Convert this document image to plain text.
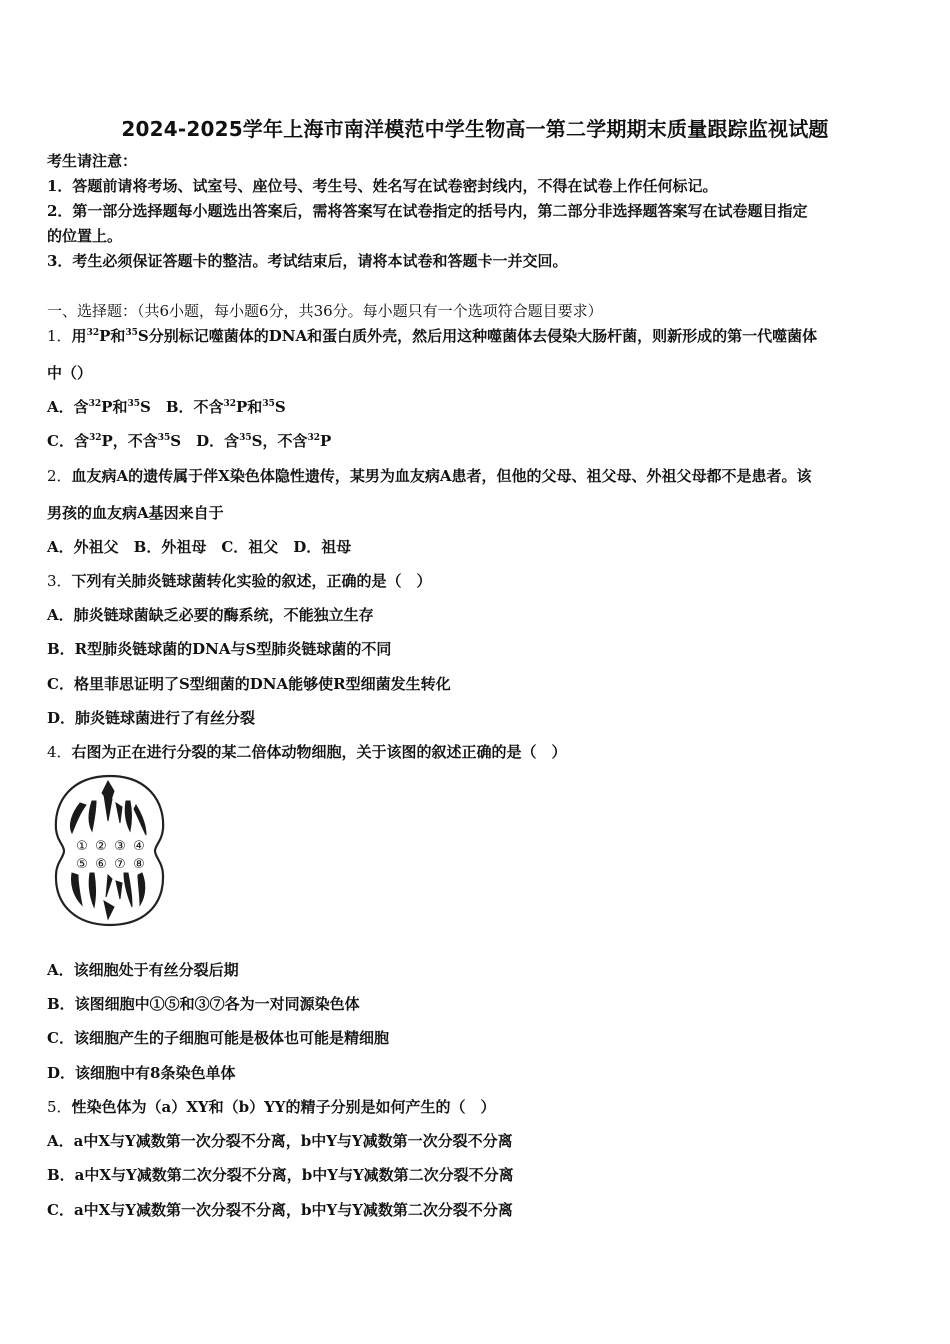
2024-2025学年上海市南洋模范中学生物高一第二学期期末质量跟踪监视试题
考生请注意：
1．答题前请将考场、试室号、座位号、考生号、姓名写在试卷密封线内，不得在试卷上作任何标记。
2．第一部分选择题每小题选出答案后，需将答案写在试卷指定的括号内，第二部分非选择题答案写在试卷题目指定
的位置上。
3．考生必须保证答题卡的整洁。考试结束后，请将本试卷和答题卡一并交回。
一、选择题：（共6小题，每小题6分，共36分。每小题只有一个选项符合题目要求）
1．用$^{32}$P和$^{35}$S分别标记噬菌体的DNA和蛋白质外壳，然后用这种噬菌体去侵染大肠杆菌，则新形成的第一代噬菌体
中（）
A．含$^{32}$P和$^{35}$S　B．不含$^{32}$P和$^{35}$S
C．含$^{32}$P，不含$^{35}$S　D．含$^{35}$S，不含$^{32}$P
2．血友病A的遗传属于伴X染色体隐性遗传，某男为血友病A患者，但他的父母、祖父母、外祖父母都不是患者。该
男孩的血友病A基因来自于
A．外祖父　B．外祖母　C．祖父　D．祖母
3．下列有关肺炎链球菌转化实验的叙述，正确的是（　）
A．肺炎链球菌缺乏必要的酶系统，不能独立生存
B．R型肺炎链球菌的DNA与S型肺炎链球菌的不同
C．格里菲思证明了S型细菌的DNA能够使R型细菌发生转化
D．肺炎链球菌进行了有丝分裂
4．右图为正在进行分裂的某二倍体动物细胞，关于该图的叙述正确的是（　）
① ② ③ ④
⑤ ⑥ ⑦ ⑧
A．该细胞处于有丝分裂后期
B．该图细胞中①⑤和③⑦各为一对同源染色体
C．该细胞产生的子细胞可能是极体也可能是精细胞
D．该细胞中有8条染色单体
5．性染色体为（a）XY和（b）YY的精子分别是如何产生的（　）
A．a中X与Y减数第一次分裂不分离，b中Y与Y减数第一次分裂不分离
B．a中X与Y减数第二次分裂不分离，b中Y与Y减数第二次分裂不分离
C．a中X与Y减数第一次分裂不分离，b中Y与Y减数第二次分裂不分离
